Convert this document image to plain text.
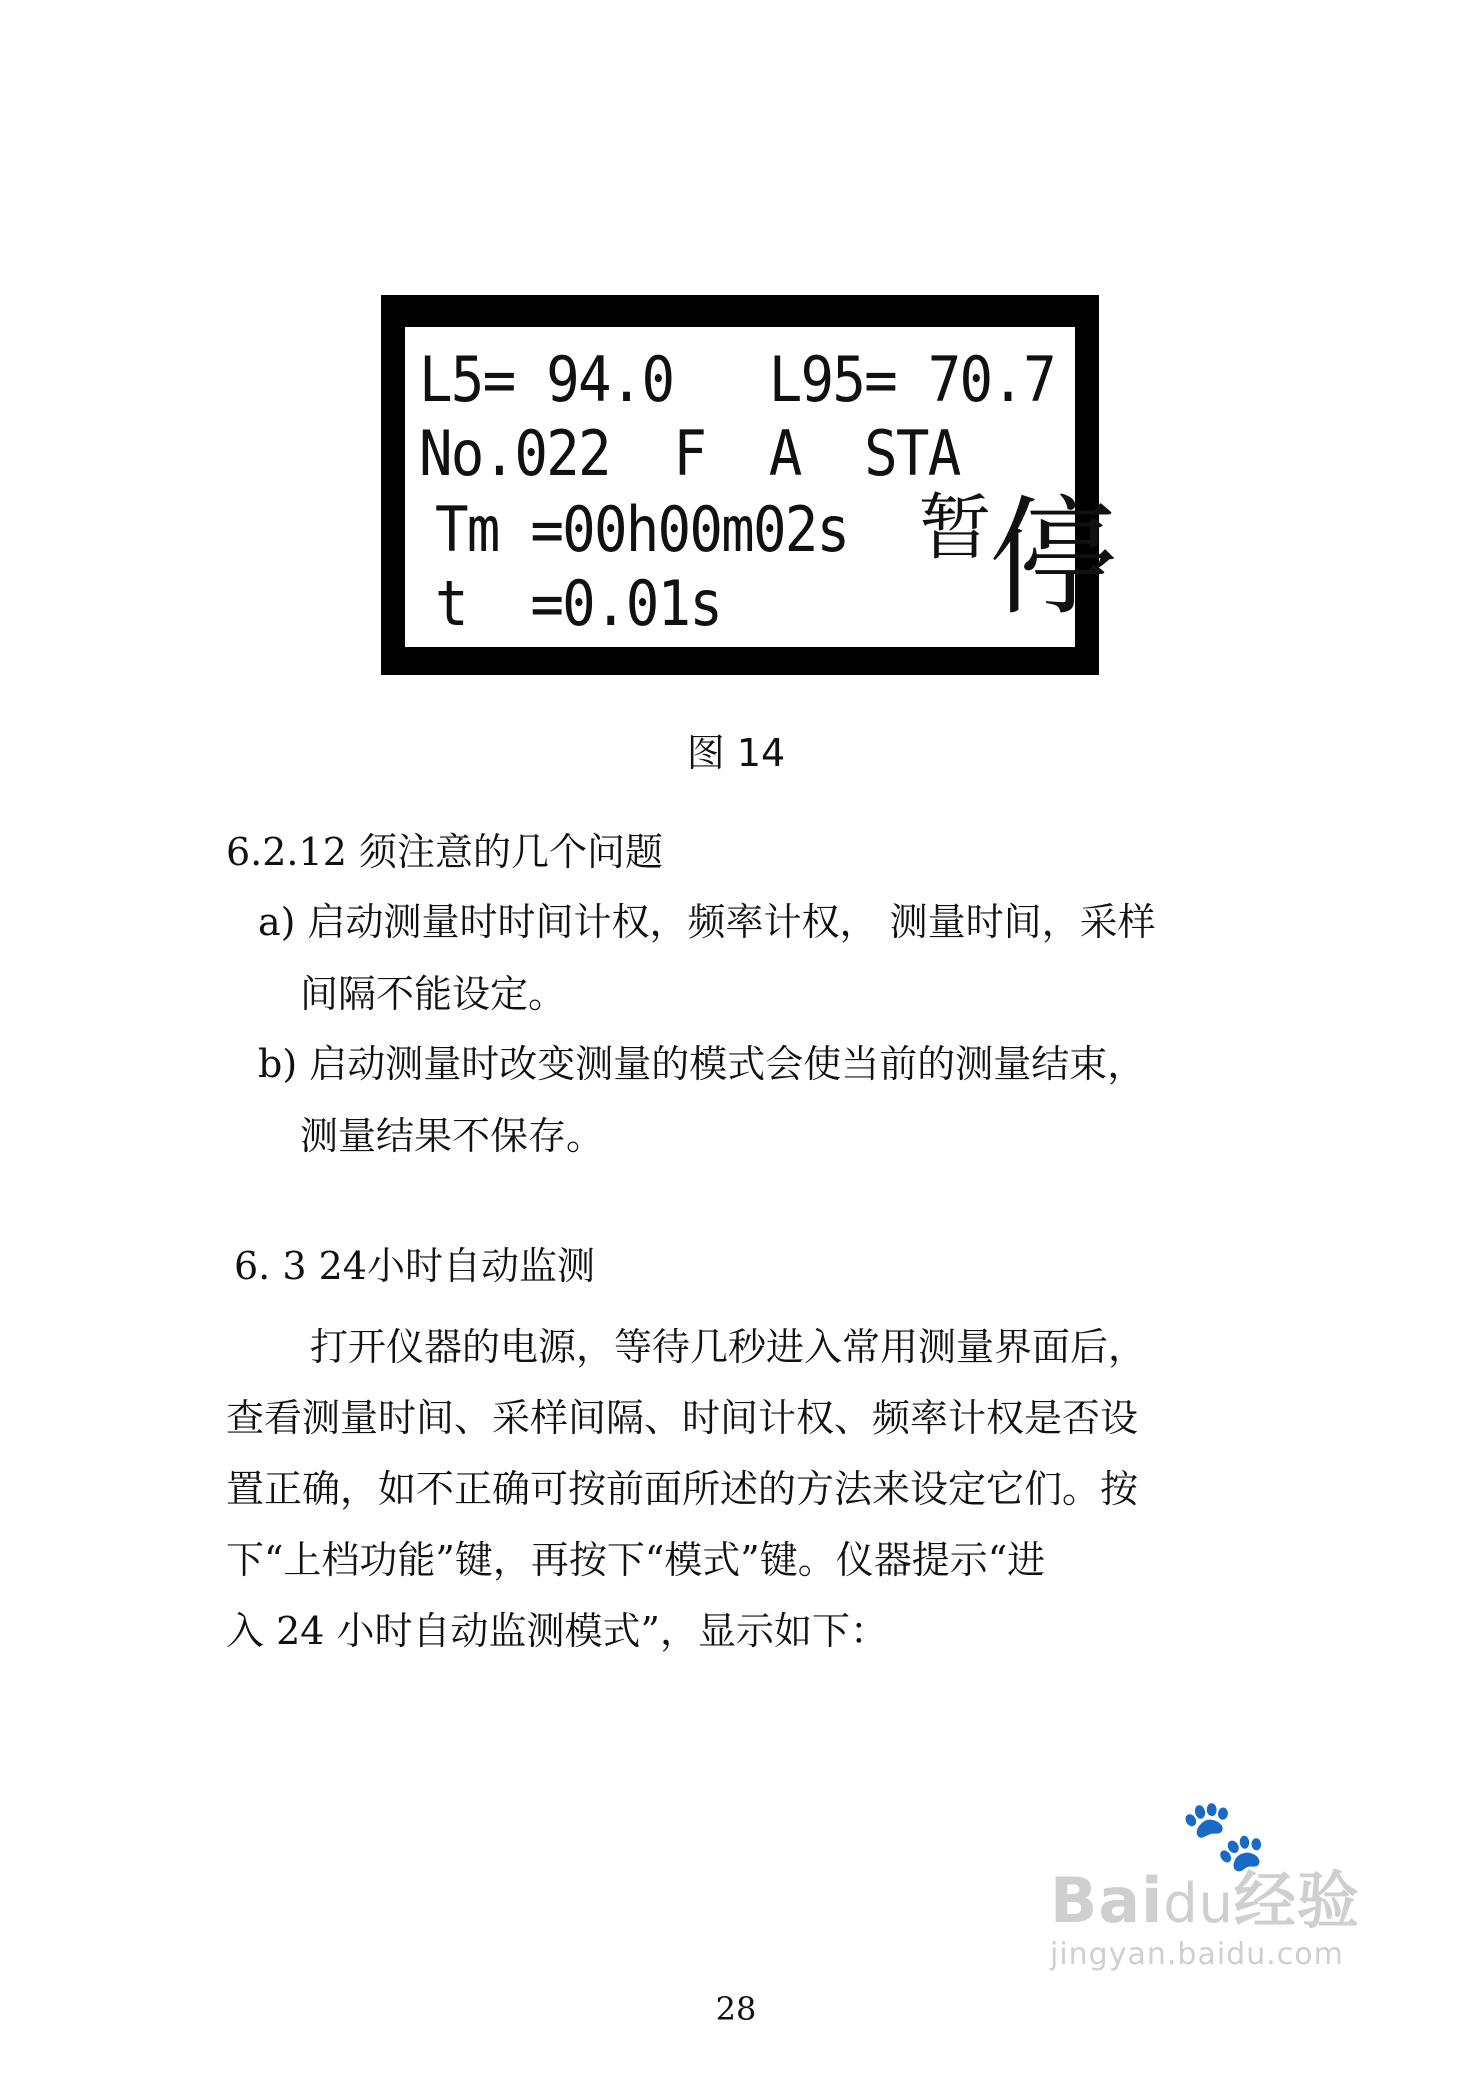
L5= 94.0   L95= 70.7
No.022  F  A  STA
Tm =00h00m02s
t  =0.01s
暂
停
图 14
6.2.12 须注意的几个问题
a) 启动测量时时间计权，频率计权， 测量时间，采样
间隔不能设定。
b) 启动测量时改变测量的模式会使当前的测量结束，
测量结果不保存。
6. 3 24小时自动监测

打开仪器的电源，等待几秒进入常用测量界面后，

查看测量时间、采样间隔、时间计权、频率计权是否设

置正确，如不正确可按前面所述的方法来设定它们。按

下“上档功能”键，再按下“模式”键。仪器提示“进

入 24 小时自动监测模式”，显示如下：

🐾
Baidu经验
jingyan.baidu.com
28
